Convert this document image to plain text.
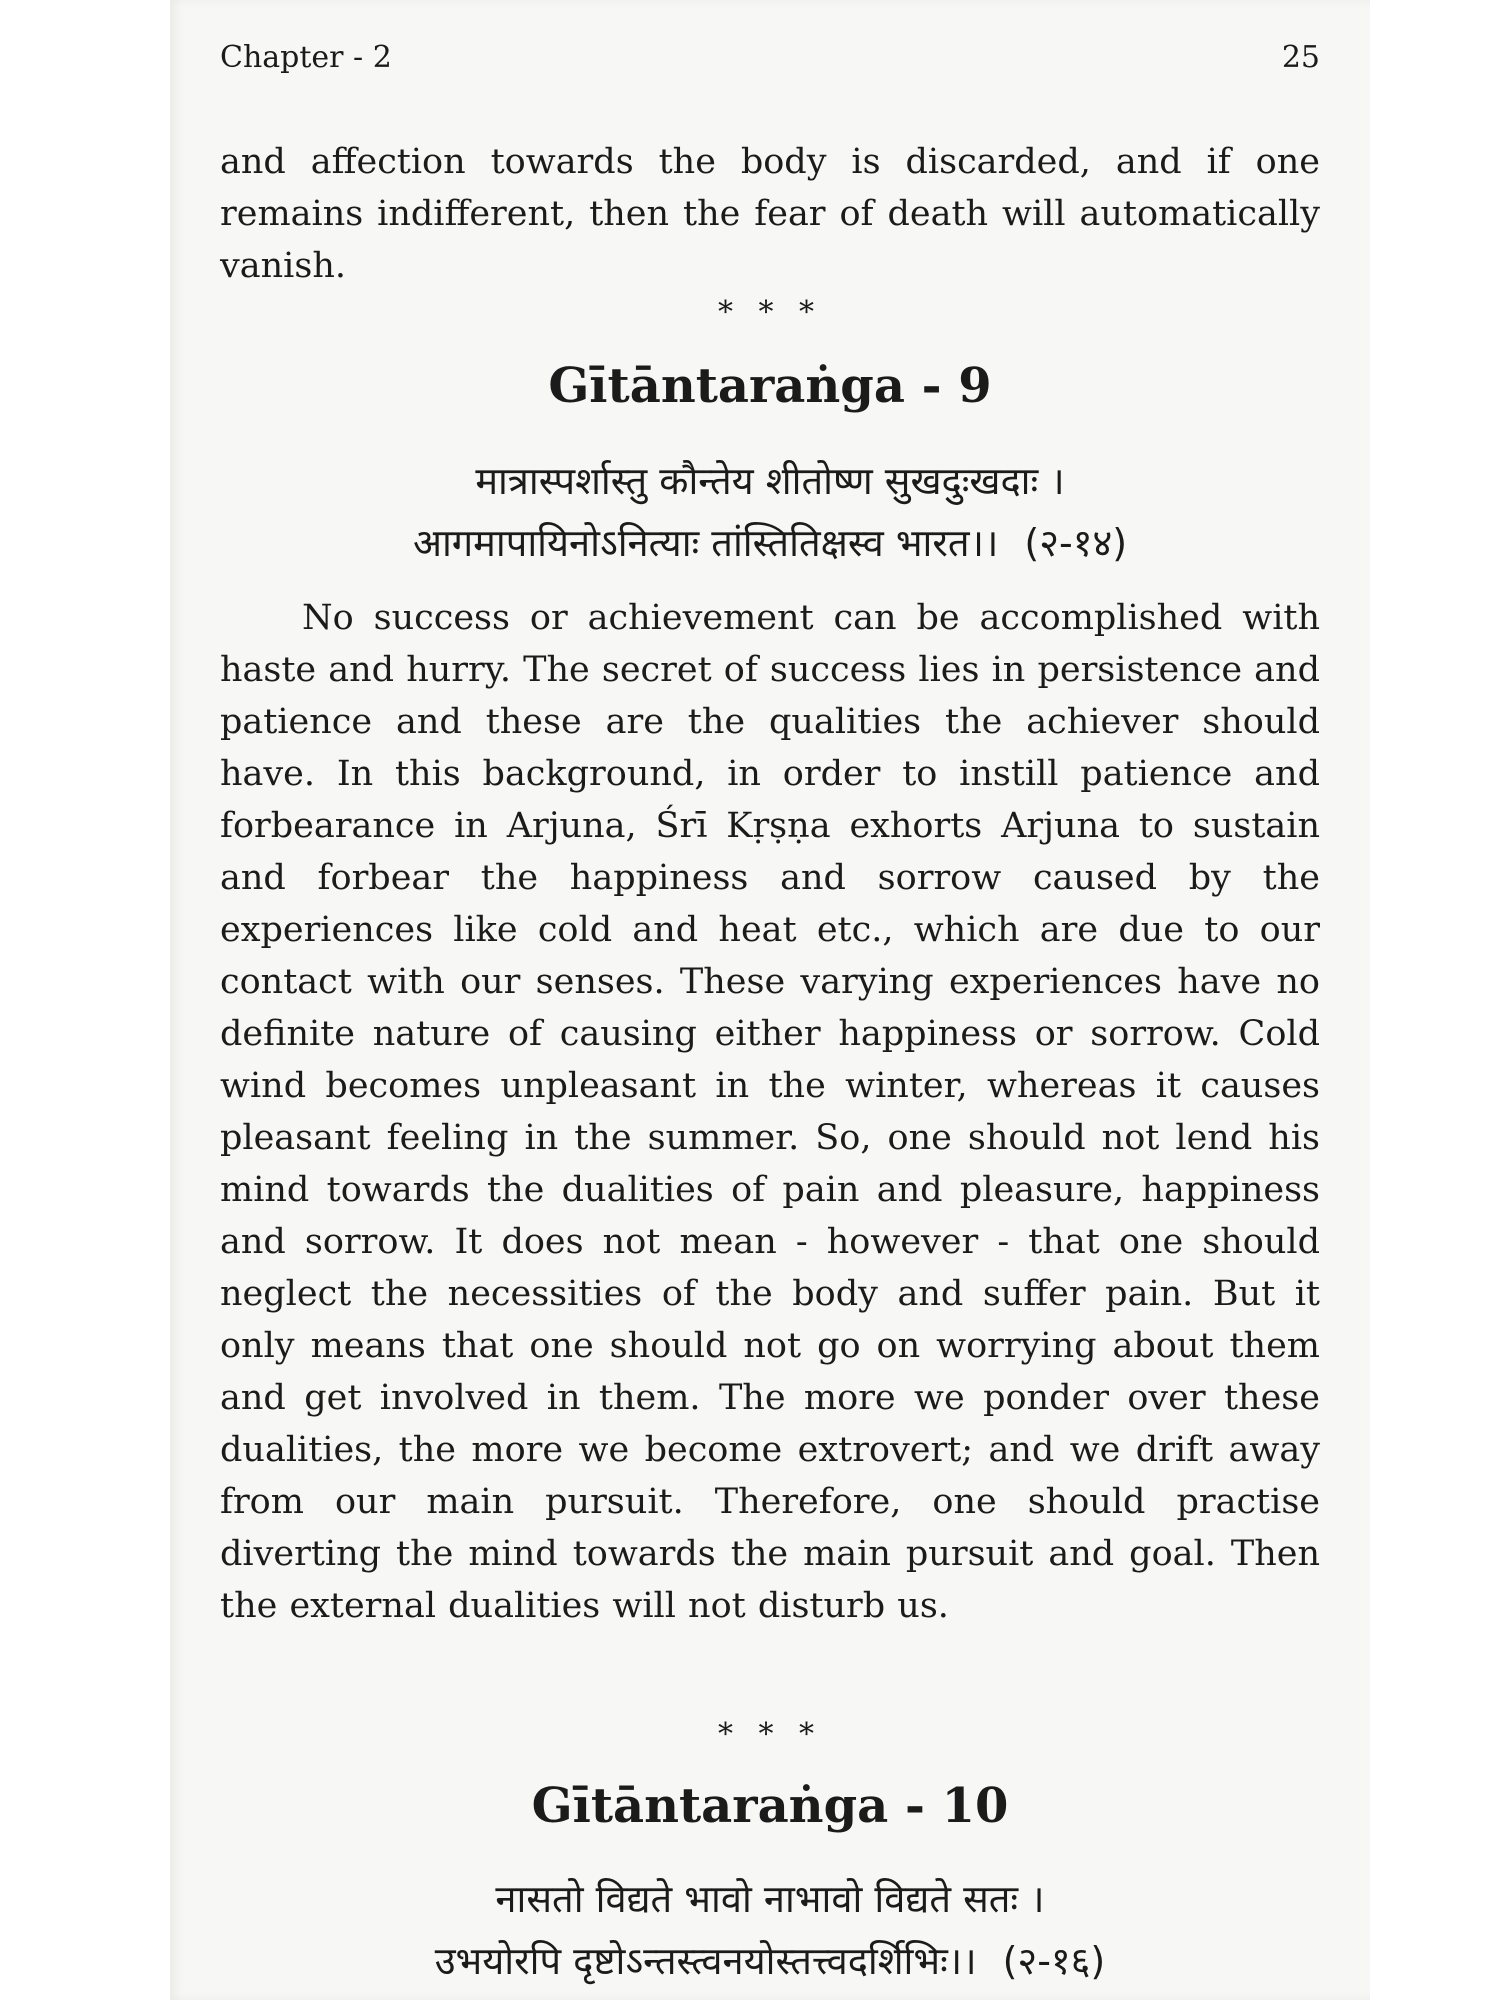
Chapter - 2	25

and affection towards the body is discarded, and if one remains indifferent, then the fear of death will automatically vanish.

* * *
Gītāntaraṅga - 9
मात्रास्पर्शास्तु कौन्तेय शीतोष्ण सुखदुःखदाः ।
आगमापायिनोऽनित्याः तांस्तितिक्षस्व भारत।। (२-१४)

No success or achievement can be accomplished with haste and hurry. The secret of success lies in persistence and patience and these are the qualities the achiever should have. In this background, in order to instill patience and forbearance in Arjuna, Śrī Kṛṣṇa exhorts Arjuna to sustain and forbear the happiness and sorrow caused by the experiences like cold and heat etc., which are due to our contact with our senses. These varying experiences have no definite nature of causing either happiness or sorrow. Cold wind becomes unpleasant in the winter, whereas it causes pleasant feeling in the summer. So, one should not lend his mind towards the dualities of pain and pleasure, happiness and sorrow. It does not mean - however - that one should neglect the necessities of the body and suffer pain. But it only means that one should not go on worrying about them and get involved in them. The more we ponder over these dualities, the more we become extrovert; and we drift away from our main pursuit. Therefore, one should practise diverting the mind towards the main pursuit and goal. Then the external dualities will not disturb us.

* * *
Gītāntaraṅga - 10
नासतो विद्यते भावो नाभावो विद्यते सतः ।
उभयोरपि दृष्टोऽन्तस्त्वनयोस्तत्त्वदर्शिभिः।। (२-१६)
